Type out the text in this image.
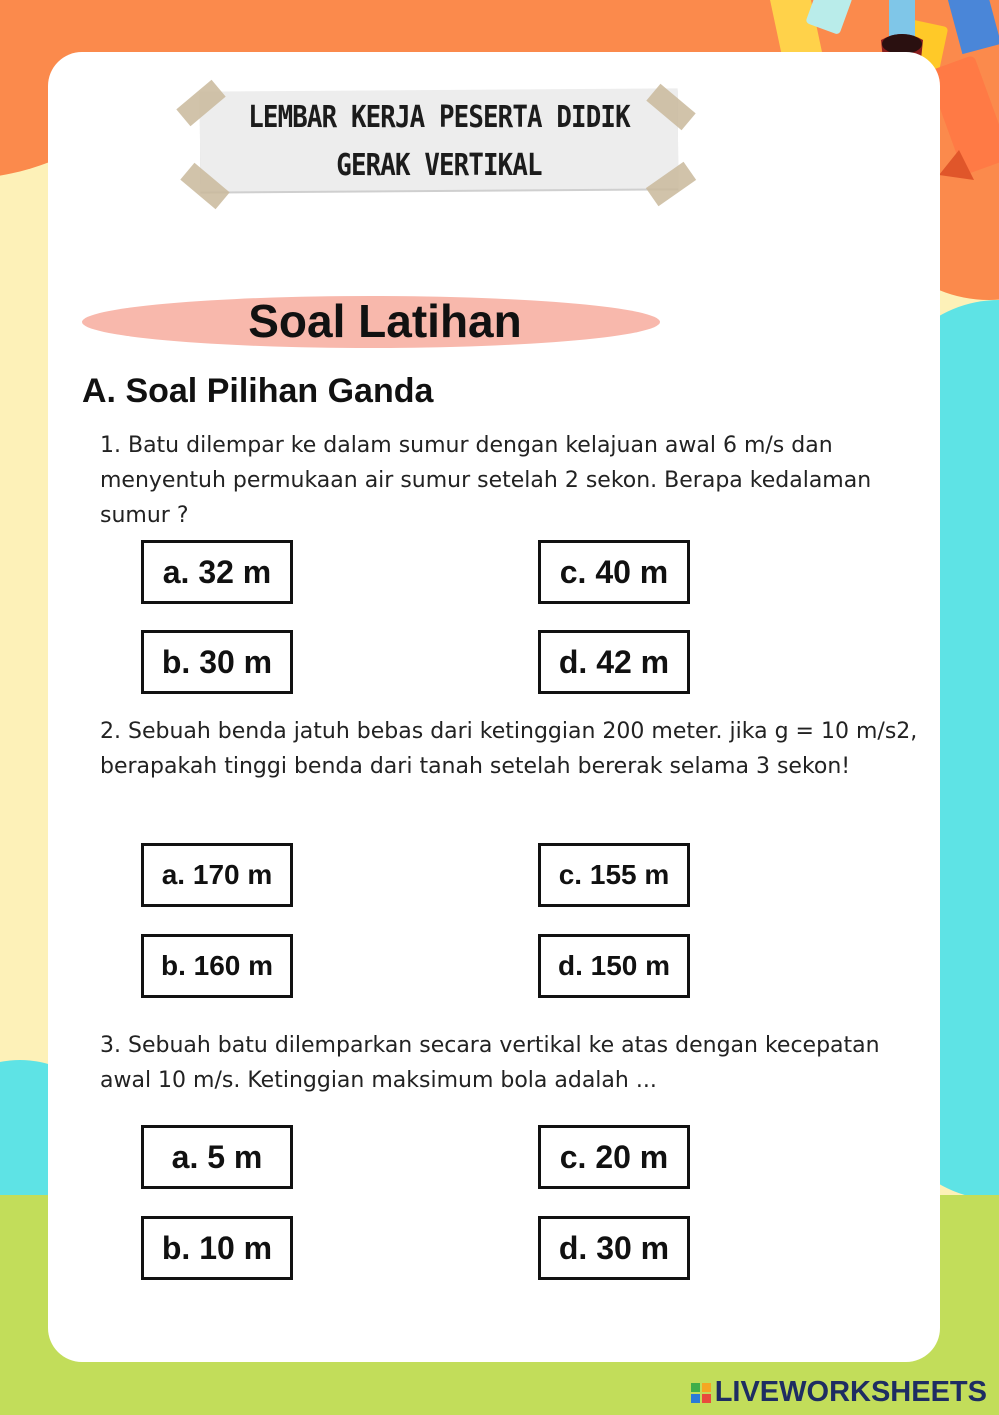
LEMBAR KERJA PESERTA DIDIK
GERAK VERTIKAL
Soal Latihan
A. Soal Pilihan Ganda
1. Batu dilempar ke dalam sumur dengan kelajuan awal 6 m/s dan menyentuh permukaan air sumur setelah 2 sekon. Berapa kedalaman sumur ?
a. 32 m	c. 40 m
b. 30 m	d. 42 m
2. Sebuah benda jatuh bebas dari ketinggian 200 meter. jika g = 10 m/s2, berapakah tinggi benda dari tanah setelah bererak selama 3 sekon!
a. 170 m	c. 155 m
b. 160 m	d. 150 m
3. Sebuah batu dilemparkan secara vertikal ke atas dengan kecepatan awal 10 m/s. Ketinggian maksimum bola adalah ...
a. 5 m	c. 20 m
b. 10 m	d. 30 m
LIVEWORKSHEETS
